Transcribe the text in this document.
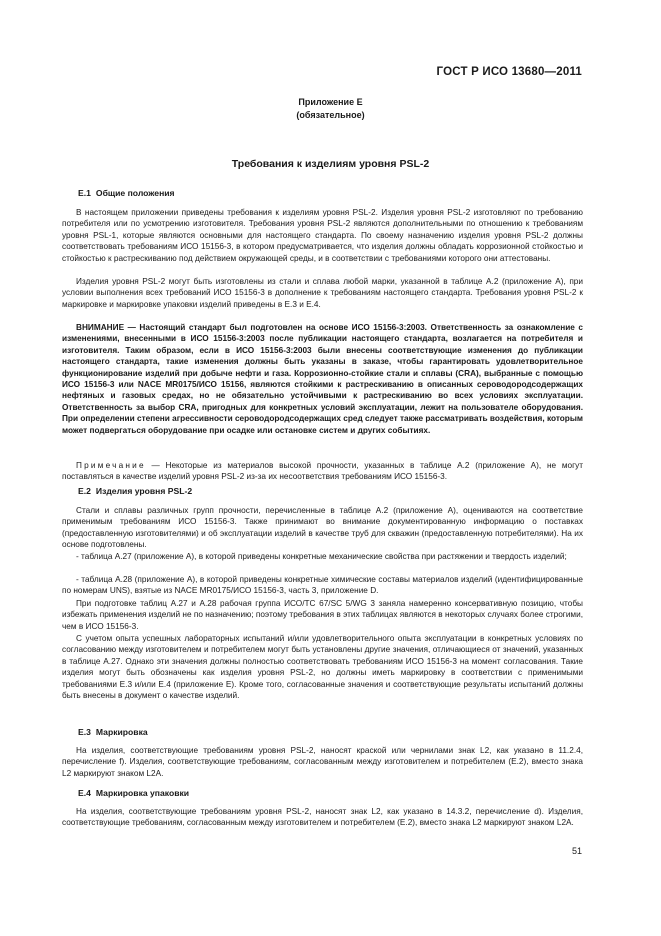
ГОСТ Р ИСО 13680—2011
Приложение Е
(обязательное)
Требования к изделиям уровня PSL-2
Е.1 Общие положения

В настоящем приложении приведены требования к изделиям уровня PSL-2. Изделия уровня PSL-2 изготовляют по требованию потребителя или по усмотрению изготовителя. Требования уровня PSL-2 являются дополнительными по отношению к требованиям уровня PSL-1, которые являются основными для настоящего стандарта. По своему назначению изделия уровня PSL-2 должны соответствовать требованиям ИСО 15156-3, в котором предусматривается, что изделия должны обладать коррозионной стойкостью и стойкостью к растрескиванию под действием окружающей среды, и в соответствии с требованиями которого они аттестованы.

Изделия уровня PSL-2 могут быть изготовлены из стали и сплава любой марки, указанной в таблице А.2 (приложение А), при условии выполнения всех требований ИСО 15156-3 в дополнение к требованиям настоящего стандарта. Требования уровня PSL-2 к маркировке и маркировке упаковки изделий приведены в Е.3 и Е.4.

ВНИМАНИЕ — Настоящий стандарт был подготовлен на основе ИСО 15156-3:2003. Ответственность за ознакомление с изменениями, внесенными в ИСО 15156-3:2003 после публикации настоящего стандарта, возлагается на потребителя и изготовителя. Таким образом, если в ИСО 15156-3:2003 были внесены соответствующие изменения до публикации настоящего стандарта, такие изменения должны быть указаны в заказе, чтобы гарантировать удовлетворительное функционирование изделий при добыче нефти и газа. Коррозионно-стойкие стали и сплавы (CRA), выбранные с помощью ИСО 15156-3 или NACE MR0175/ИСО 15156, являются стойкими к растрескиванию в описанных сероводородсодержащих нефтяных и газовых средах, но не обязательно устойчивыми к растрескиванию во всех условиях эксплуатации. Ответственность за выбор CRA, пригодных для конкретных условий эксплуатации, лежит на пользователе оборудования. При определении степени агрессивности сероводородсодержащих сред следует также рассматривать воздействия, которым может подвергаться оборудование при осадке или остановке систем и других событиях.

Примечание — Некоторые из материалов высокой прочности, указанных в таблице А.2 (приложение А), не могут поставляться в качестве изделий уровня PSL-2 из-за их несоответствия требованиям ИСО 15156-3.

Е.2 Изделия уровня PSL-2

Стали и сплавы различных групп прочности, перечисленные в таблице А.2 (приложение А), оцениваются на соответствие применимым требованиям ИСО 15156-3. Также принимают во внимание документированную информацию о поставках (предоставленную изготовителями) и об эксплуатации изделий в качестве труб для скважин (предоставленную потребителями). На их основе подготовлены.

- таблица А.27 (приложение А), в которой приведены конкретные механические свойства при растяжении и твердость изделий;

- таблица А.28 (приложение А), в которой приведены конкретные химические составы материалов изделий (идентифицированные по номерам UNS), взятые из NACE MR0175/ИСО 15156-3, часть 3, приложение D.

При подготовке таблиц А.27 и А.28 рабочая группа ИСО/ТС 67/SC 5/WG 3 заняла намеренно консервативную позицию, чтобы избежать применения изделий не по назначению; поэтому требования в этих таблицах являются в некоторых случаях более строгими, чем в ИСО 15156-3.

С учетом опыта успешных лабораторных испытаний и/или удовлетворительного опыта эксплуатации в конкретных условиях по согласованию между изготовителем и потребителем могут быть установлены другие значения, отличающиеся от значений, указанных в таблице А.27. Однако эти значения должны полностью соответствовать требованиям ИСО 15156-3 на момент согласования. Такие изделия могут быть обозначены как изделия уровня PSL-2, но должны иметь маркировку в соответствии с применимыми требованиями Е.3 и/или Е.4 (приложение Е). Кроме того, согласованные значения и соответствующие результаты испытаний должны быть внесены в документ о качестве изделий.

Е.3 Маркировка

На изделия, соответствующие требованиям уровня PSL-2, наносят краской или чернилами знак L2, как указано в 11.2.4, перечисление f). Изделия, соответствующие требованиям, согласованным между изготовителем и потребителем (Е.2), вместо знака L2 маркируют знаком L2A.

Е.4 Маркировка упаковки

На изделия, соответствующие требованиям уровня PSL-2, наносят знак L2, как указано в 14.3.2, перечисление d). Изделия, соответствующие требованиям, согласованным между изготовителем и потребителем (Е.2), вместо знака L2 маркируют знаком L2A.

51
